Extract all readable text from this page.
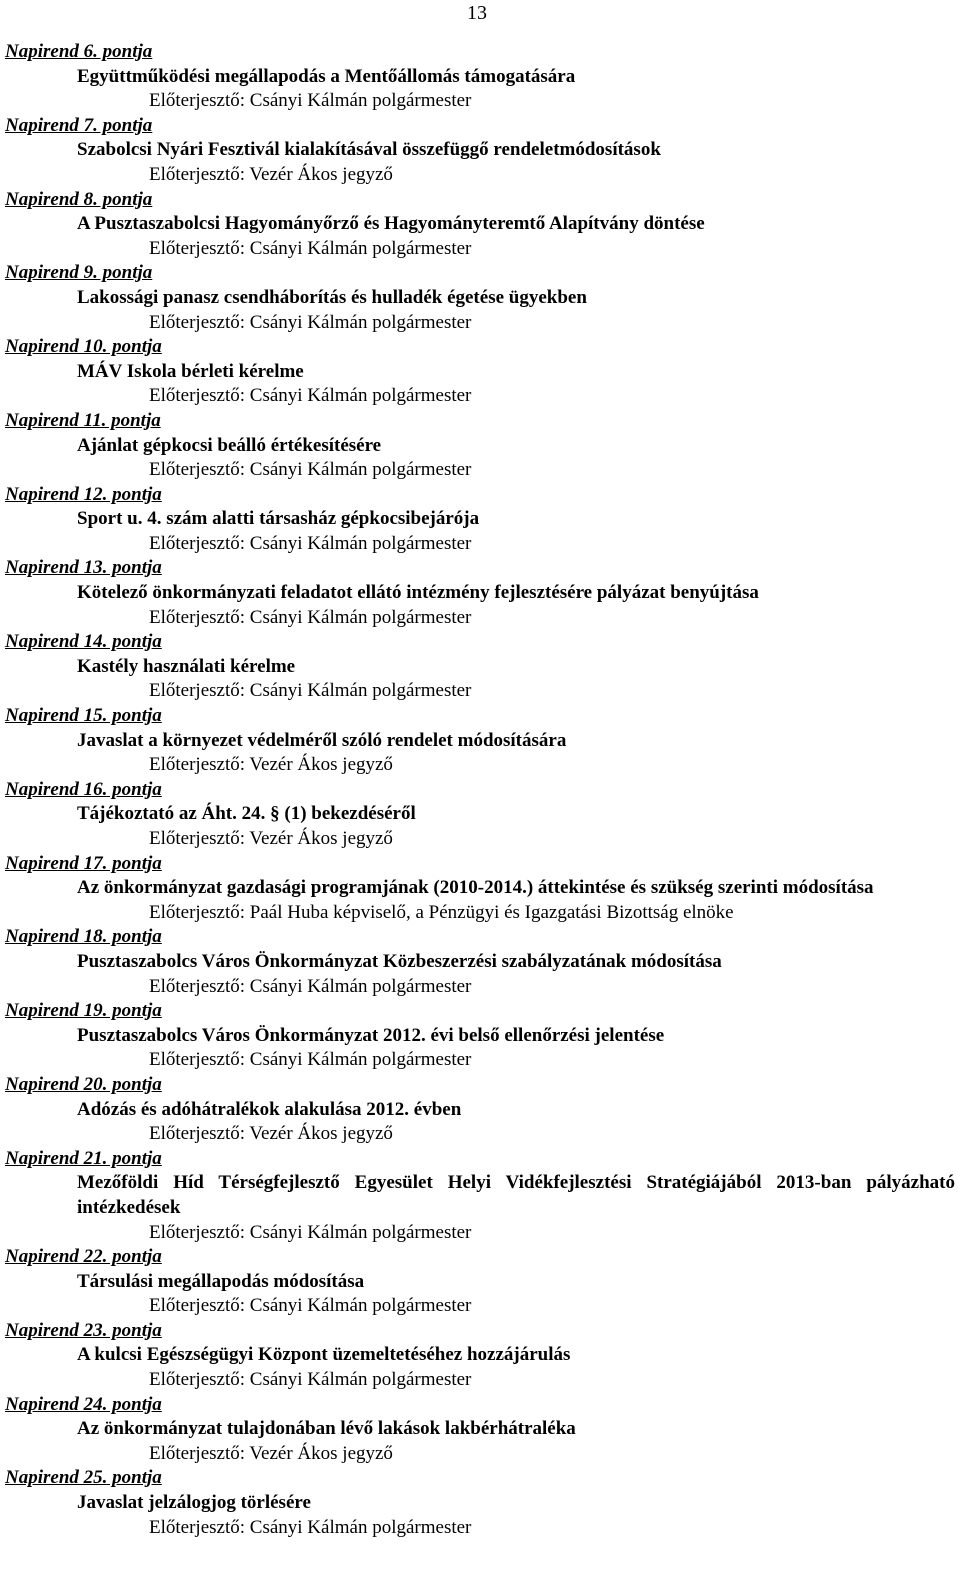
13
Napirend 6. pontja
Együttműködési megállapodás a Mentőállomás támogatására
Előterjesztő: Csányi Kálmán polgármester
Napirend 7. pontja
Szabolcsi Nyári Fesztivál kialakításával összefüggő rendeletmódosítások
Előterjesztő: Vezér Ákos jegyző
Napirend 8. pontja
A Pusztaszabolcsi Hagyományőrző és Hagyományteremtő Alapítvány döntése
Előterjesztő: Csányi Kálmán polgármester
Napirend 9. pontja
Lakossági panasz csendháborítás és hulladék égetése ügyekben
Előterjesztő: Csányi Kálmán polgármester
Napirend 10. pontja
MÁV Iskola bérleti kérelme
Előterjesztő: Csányi Kálmán polgármester
Napirend 11. pontja
Ajánlat gépkocsi beálló értékesítésére
Előterjesztő: Csányi Kálmán polgármester
Napirend 12. pontja
Sport u. 4. szám alatti társasház gépkocsibejárója
Előterjesztő: Csányi Kálmán polgármester
Napirend 13. pontja
Kötelező önkormányzati feladatot ellátó intézmény fejlesztésére pályázat benyújtása
Előterjesztő: Csányi Kálmán polgármester
Napirend 14. pontja
Kastély használati kérelme
Előterjesztő: Csányi Kálmán polgármester
Napirend 15. pontja
Javaslat a környezet védelméről szóló rendelet módosítására
Előterjesztő: Vezér Ákos jegyző
Napirend 16. pontja
Tájékoztató az Áht. 24. § (1) bekezdéséről
Előterjesztő: Vezér Ákos jegyző
Napirend 17. pontja
Az önkormányzat gazdasági programjának (2010-2014.) áttekintése és szükség szerinti módosítása
Előterjesztő: Paál Huba képviselő, a Pénzügyi és Igazgatási Bizottság elnöke
Napirend 18. pontja
Pusztaszabolcs Város Önkormányzat Közbeszerzési szabályzatának módosítása
Előterjesztő: Csányi Kálmán polgármester
Napirend 19. pontja
Pusztaszabolcs Város Önkormányzat 2012. évi belső ellenőrzési jelentése
Előterjesztő: Csányi Kálmán polgármester
Napirend 20. pontja
Adózás és adóhátralékok alakulása 2012. évben
Előterjesztő: Vezér Ákos jegyző
Napirend 21. pontja
Mezőföldi Híd Térségfejlesztő Egyesület Helyi Vidékfejlesztési Stratégiájából 2013-ban pályázható intézkedések
Előterjesztő: Csányi Kálmán polgármester
Napirend 22. pontja
Társulási megállapodás módosítása
Előterjesztő: Csányi Kálmán polgármester
Napirend 23. pontja
A kulcsi Egészségügyi Központ üzemeltetéséhez hozzájárulás
Előterjesztő: Csányi Kálmán polgármester
Napirend 24. pontja
Az önkormányzat tulajdonában lévő lakások lakbérhátraléka
Előterjesztő: Vezér Ákos jegyző
Napirend 25. pontja
Javaslat jelzálogjog törlésére
Előterjesztő: Csányi Kálmán polgármester
